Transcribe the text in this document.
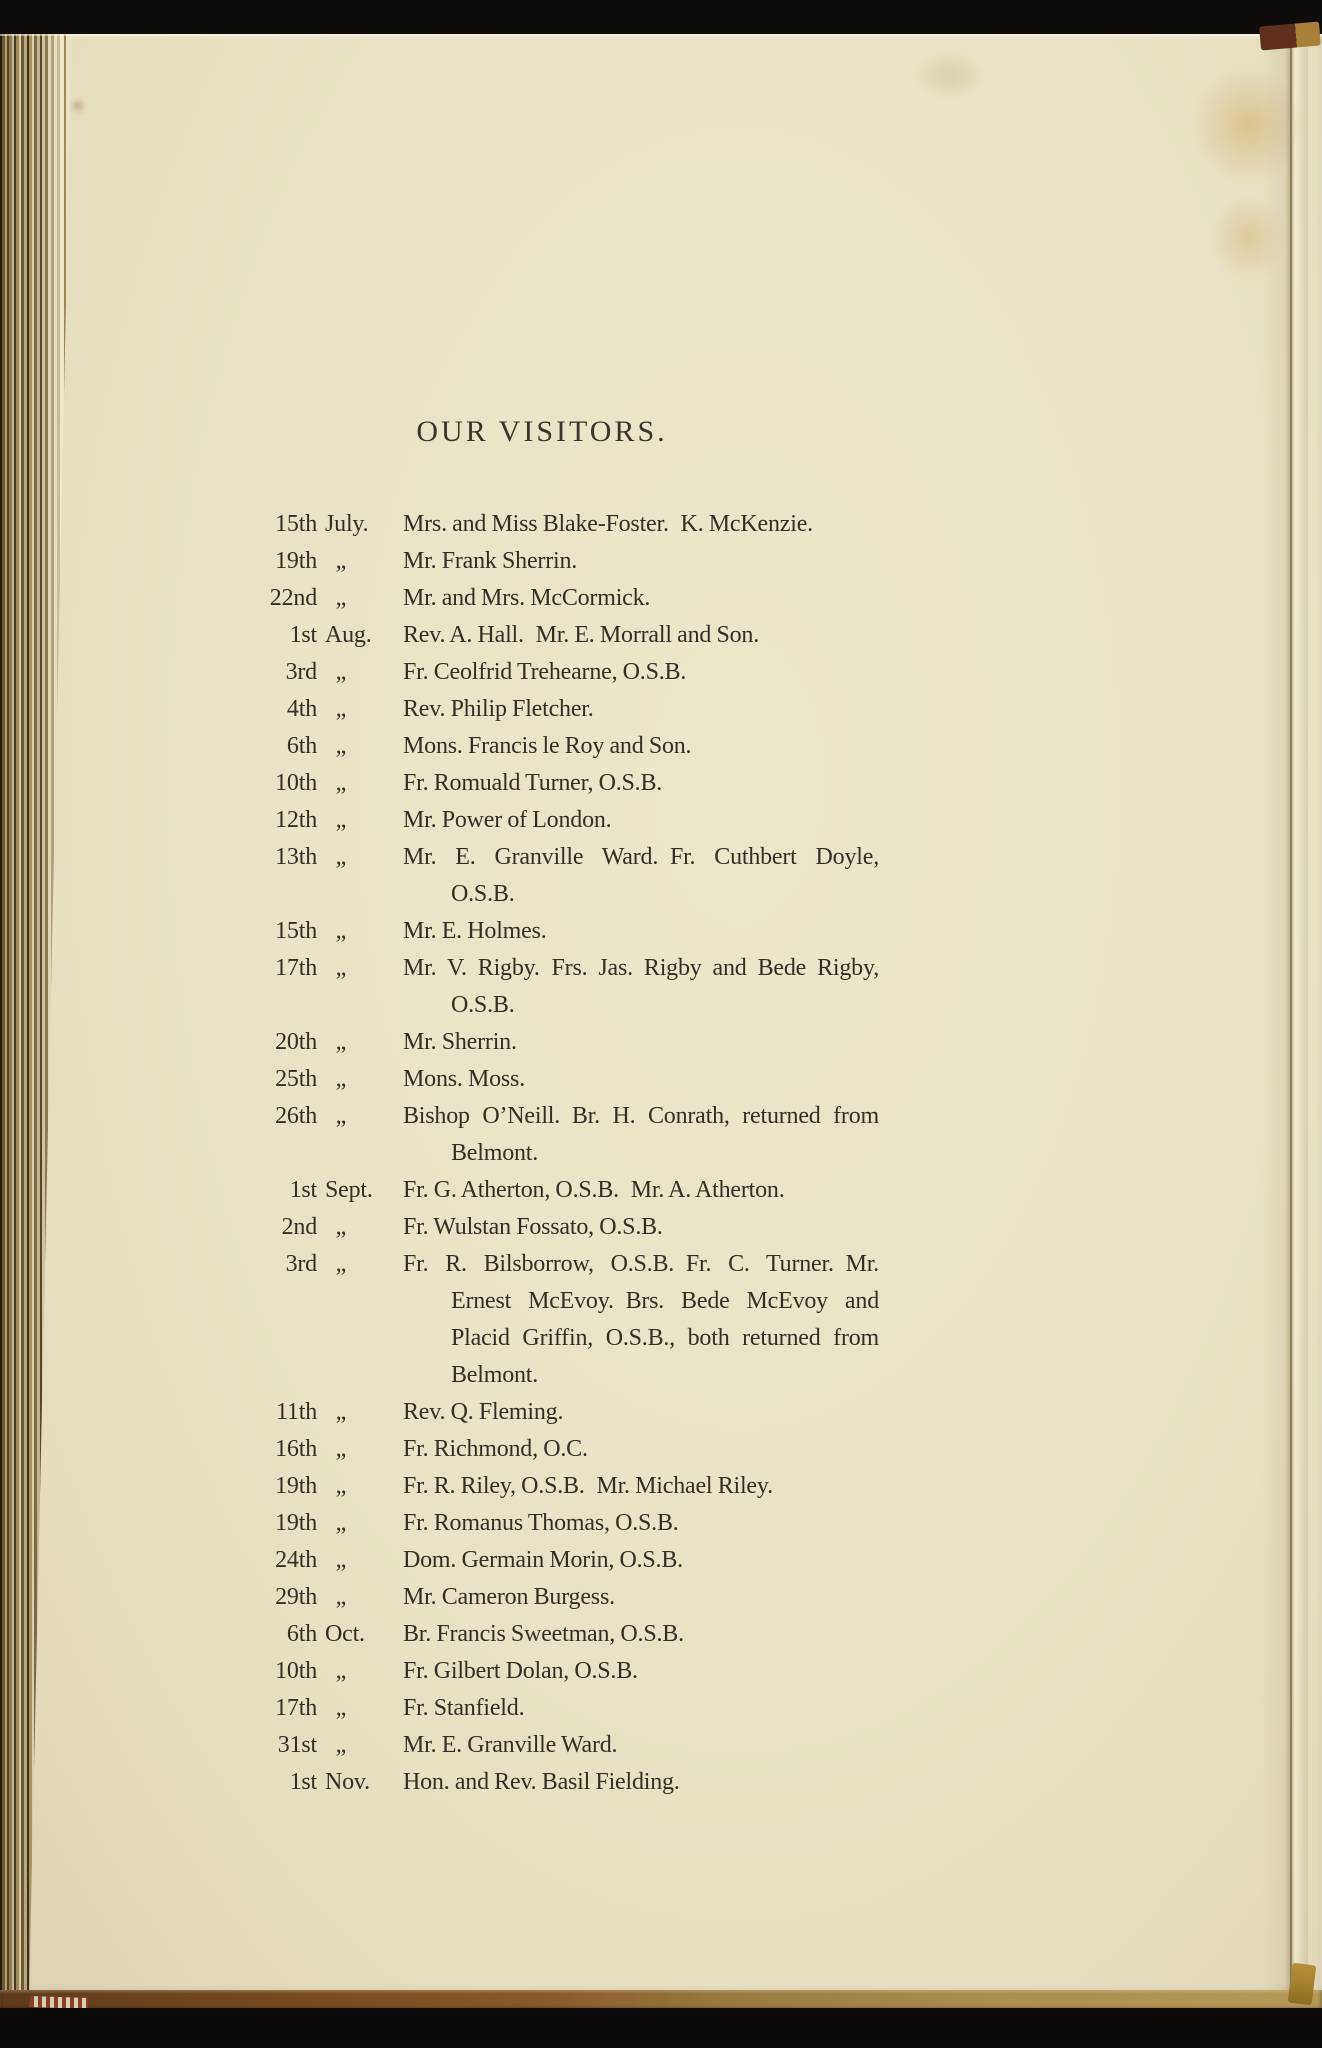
OUR VISITORS.
15th July.	Mrs. and Miss Blake-Foster. K. McKenzie.
19th „	Mr. Frank Sherrin.
22nd „	Mr. and Mrs. McCormick.
1st Aug.	Rev. A. Hall. Mr. E. Morrall and Son.
3rd „	Fr. Ceolfrid Trehearne, O.S.B.
4th „	Rev. Philip Fletcher.
6th „	Mons. Francis le Roy and Son.
10th „	Fr. Romuald Turner, O.S.B.
12th „	Mr. Power of London.
13th „	Mr. E. Granville Ward. Fr. Cuthbert Doyle, O.S.B.
15th „	Mr. E. Holmes.
17th „	Mr. V. Rigby. Frs. Jas. Rigby and Bede Rigby, O.S.B.
20th „	Mr. Sherrin.
25th „	Mons. Moss.
26th „	Bishop O’Neill. Br. H. Conrath, returned from Belmont.
1st Sept.	Fr. G. Atherton, O.S.B. Mr. A. Atherton.
2nd „	Fr. Wulstan Fossato, O.S.B.
3rd „	Fr. R. Bilsborrow, O.S.B. Fr. C. Turner. Mr. Ernest McEvoy. Brs. Bede McEvoy and Placid Griffin, O.S.B., both returned from Belmont.
11th „	Rev. Q. Fleming.
16th „	Fr. Richmond, O.C.
19th „	Fr. R. Riley, O.S.B. Mr. Michael Riley.
19th „	Fr. Romanus Thomas, O.S.B.
24th „	Dom. Germain Morin, O.S.B.
29th „	Mr. Cameron Burgess.
6th Oct.	Br. Francis Sweetman, O.S.B.
10th „	Fr. Gilbert Dolan, O.S.B.
17th „	Fr. Stanfield.
31st „	Mr. E. Granville Ward.
1st Nov.	Hon. and Rev. Basil Fielding.
